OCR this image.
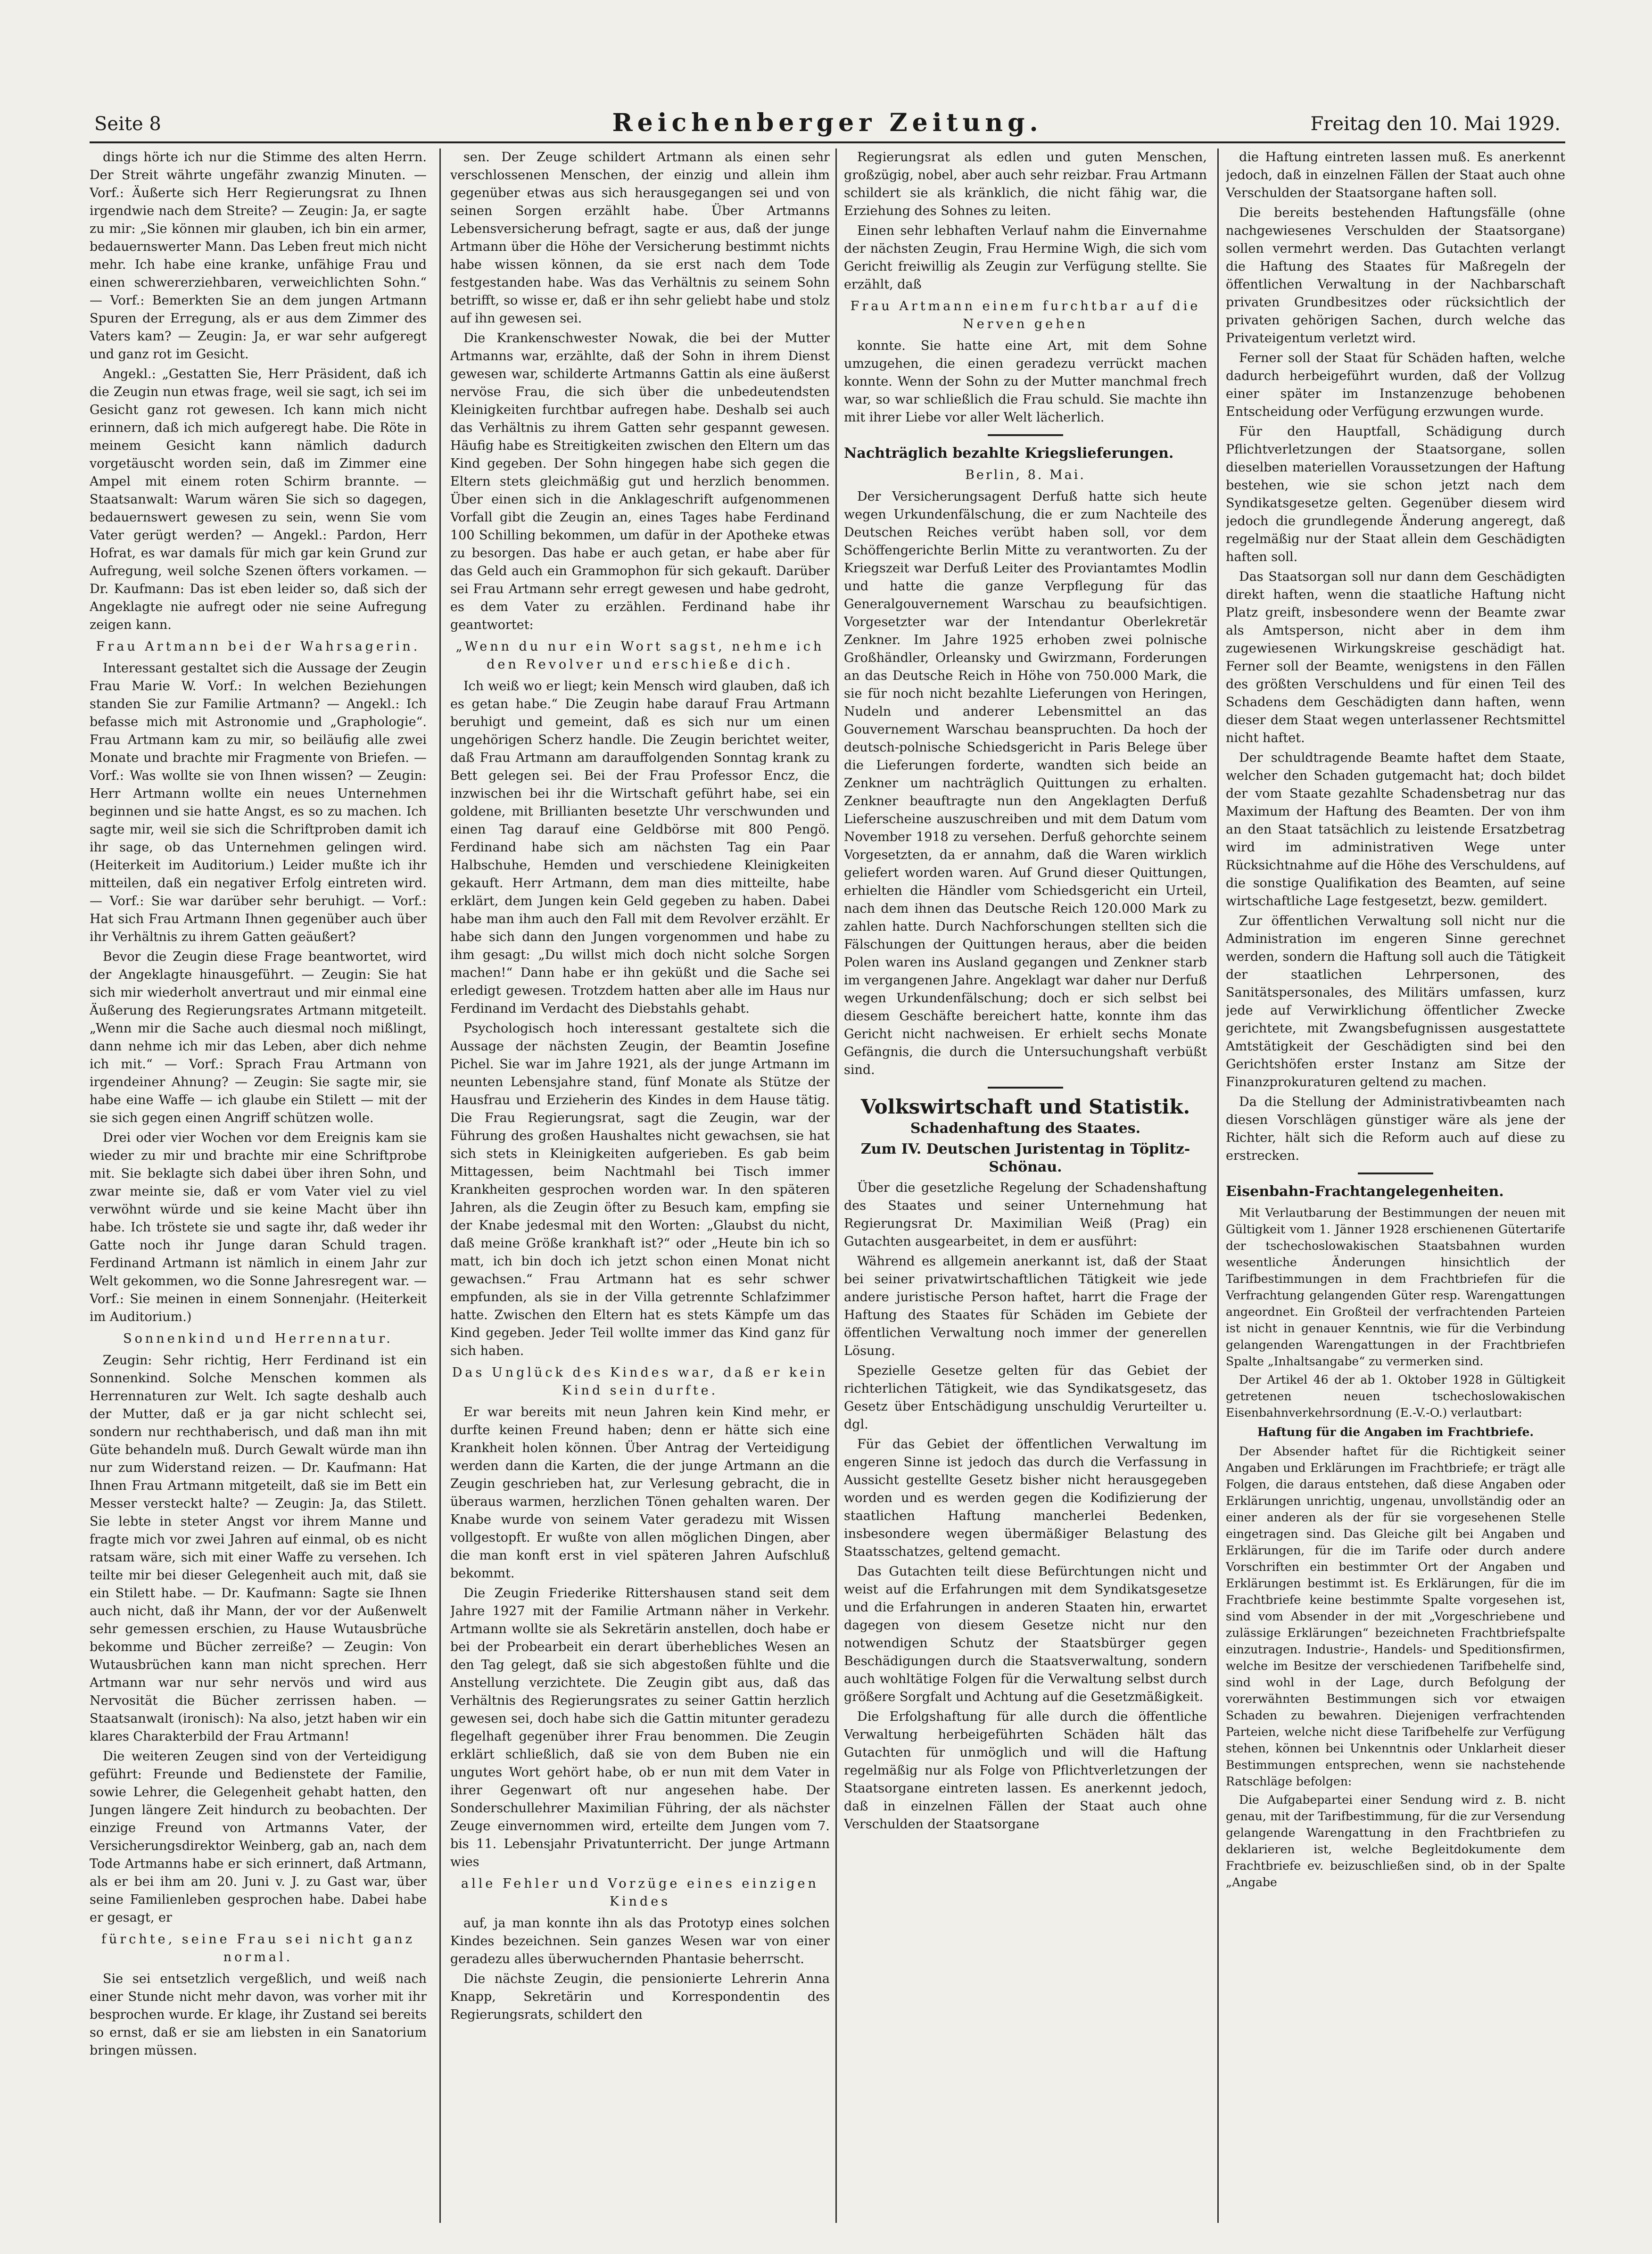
Seite 8	Reichenberger Zeitung.	Freitag den 10. Mai 1929.

dings hörte ich nur die Stimme des alten Herrn. Der Streit währte ungefähr zwanzig Minuten. — Vorf.: Äußerte sich Herr Regierungsrat zu Ihnen irgendwie nach dem Streite? — Zeugin: Ja, er sagte zu mir: „Sie können mir glauben, ich bin ein armer, bedauernswerter Mann. Das Leben freut mich nicht mehr. Ich habe eine kranke, unfähige Frau und einen schwererziehbaren, verweichlichten Sohn.“ — Vorf.: Bemerkten Sie an dem jungen Artmann Spuren der Erregung, als er aus dem Zimmer des Vaters kam? — Zeugin: Ja, er war sehr aufgeregt und ganz rot im Gesicht.

Angekl.: „Gestatten Sie, Herr Präsident, daß ich die Zeugin nun etwas frage, weil sie sagt, ich sei im Gesicht ganz rot gewesen. Ich kann mich nicht erinnern, daß ich mich aufgeregt habe. Die Röte in meinem Gesicht kann nämlich dadurch vorgetäuscht worden sein, daß im Zimmer eine Ampel mit einem roten Schirm brannte. — Staatsanwalt: Warum wären Sie sich so dagegen, bedauernswert gewesen zu sein, wenn Sie vom Vater gerügt werden? — Angekl.: Pardon, Herr Hofrat, es war damals für mich gar kein Grund zur Aufregung, weil solche Szenen öfters vorkamen. — Dr. Kaufmann: Das ist eben leider so, daß sich der Angeklagte nie aufregt oder nie seine Aufregung zeigen kann.

Frau Artmann bei der Wahrsagerin.

Interessant gestaltet sich die Aussage der Zeugin Frau Marie W. Vorf.: In welchen Beziehungen standen Sie zur Familie Artmann? — Angekl.: Ich befasse mich mit Astronomie und „Graphologie“. Frau Artmann kam zu mir, so beiläufig alle zwei Monate und brachte mir Fragmente von Briefen. — Vorf.: Was wollte sie von Ihnen wissen? — Zeugin: Herr Artmann wollte ein neues Unternehmen beginnen und sie hatte Angst, es so zu machen. Ich sagte mir, weil sie sich die Schriftproben damit ich ihr sage, ob das Unternehmen gelingen wird. (Heiterkeit im Auditorium.) Leider mußte ich ihr mitteilen, daß ein negativer Erfolg eintreten wird. — Vorf.: Sie war darüber sehr beruhigt. — Vorf.: Hat sich Frau Artmann Ihnen gegenüber auch über ihr Verhältnis zu ihrem Gatten geäußert?

Bevor die Zeugin diese Frage beantwortet, wird der Angeklagte hinausgeführt. — Zeugin: Sie hat sich mir wiederholt anvertraut und mir einmal eine Äußerung des Regierungsrates Artmann mitgeteilt. „Wenn mir die Sache auch diesmal noch mißlingt, dann nehme ich mir das Leben, aber dich nehme ich mit.“ — Vorf.: Sprach Frau Artmann von irgendeiner Ahnung? — Zeugin: Sie sagte mir, sie habe eine Waffe — ich glaube ein Stilett — mit der sie sich gegen einen Angriff schützen wolle.

Drei oder vier Wochen vor dem Ereignis kam sie wieder zu mir und brachte mir eine Schriftprobe mit. Sie beklagte sich dabei über ihren Sohn, und zwar meinte sie, daß er vom Vater viel zu viel verwöhnt würde und sie keine Macht über ihn habe. Ich tröstete sie und sagte ihr, daß weder ihr Gatte noch ihr Junge daran Schuld tragen. Ferdinand Artmann ist nämlich in einem Jahr zur Welt gekommen, wo die Sonne Jahresregent war. — Vorf.: Sie meinen in einem Sonnenjahr. (Heiterkeit im Auditorium.)

Sonnenkind und Herrennatur.

Zeugin: Sehr richtig, Herr Ferdinand ist ein Sonnenkind. Solche Menschen kommen als Herrennaturen zur Welt. Ich sagte deshalb auch der Mutter, daß er ja gar nicht schlecht sei, sondern nur rechthaberisch, und daß man ihn mit Güte behandeln muß. Durch Gewalt würde man ihn nur zum Widerstand reizen. — Dr. Kaufmann: Hat Ihnen Frau Artmann mitgeteilt, daß sie im Bett ein Messer versteckt halte? — Zeugin: Ja, das Stilett. Sie lebte in steter Angst vor ihrem Manne und fragte mich vor zwei Jahren auf einmal, ob es nicht ratsam wäre, sich mit einer Waffe zu versehen. Ich teilte mir bei dieser Gelegenheit auch mit, daß sie ein Stilett habe. — Dr. Kaufmann: Sagte sie Ihnen auch nicht, daß ihr Mann, der vor der Außenwelt sehr gemessen erschien, zu Hause Wutausbrüche bekomme und Bücher zerreiße? — Zeugin: Von Wutausbrüchen kann man nicht sprechen. Herr Artmann war nur sehr nervös und wird aus Nervosität die Bücher zerrissen haben. — Staatsanwalt (ironisch): Na also, jetzt haben wir ein klares Charakterbild der Frau Artmann!

Die weiteren Zeugen sind von der Verteidigung geführt: Freunde und Bedienstete der Familie, sowie Lehrer, die Gelegenheit gehabt hatten, den Jungen längere Zeit hindurch zu beobachten. Der einzige Freund von Artmanns Vater, der Versicherungsdirektor Weinberg, gab an, nach dem Tode Artmanns habe er sich erinnert, daß Artmann, als er bei ihm am 20. Juni v. J. zu Gast war, über seine Familienleben gesprochen habe. Dabei habe er gesagt, er

fürchte, seine Frau sei nicht ganz normal.

Sie sei entsetzlich vergeßlich, und weiß nach einer Stunde nicht mehr davon, was vorher mit ihr besprochen wurde. Er klage, ihr Zustand sei bereits so ernst, daß er sie am liebsten in ein Sanatorium bringen müssen.

sen. Der Zeuge schildert Artmann als einen sehr verschlossenen Menschen, der einzig und allein ihm gegenüber etwas aus sich herausgegangen sei und von seinen Sorgen erzählt habe. Über Artmanns Lebensversicherung befragt, sagte er aus, daß der junge Artmann über die Höhe der Versicherung bestimmt nichts habe wissen können, da sie erst nach dem Tode festgestanden habe. Was das Verhältnis zu seinem Sohn betrifft, so wisse er, daß er ihn sehr geliebt habe und stolz auf ihn gewesen sei.

Die Krankenschwester Nowak, die bei der Mutter Artmanns war, erzählte, daß der Sohn in ihrem Dienst gewesen war, schilderte Artmanns Gattin als eine äußerst nervöse Frau, die sich über die unbedeutendsten Kleinigkeiten furchtbar aufregen habe. Deshalb sei auch das Verhältnis zu ihrem Gatten sehr gespannt gewesen. Häufig habe es Streitigkeiten zwischen den Eltern um das Kind gegeben. Der Sohn hingegen habe sich gegen die Eltern stets gleichmäßig gut und herzlich benommen. Über einen sich in die Anklageschrift aufgenommenen Vorfall gibt die Zeugin an, eines Tages habe Ferdinand 100 Schilling bekommen, um dafür in der Apotheke etwas zu besorgen. Das habe er auch getan, er habe aber für das Geld auch ein Grammophon für sich gekauft. Darüber sei Frau Artmann sehr erregt gewesen und habe gedroht, es dem Vater zu erzählen. Ferdinand habe ihr geantwortet:

„Wenn du nur ein Wort sagst, nehme ich den Revolver und erschieße dich.

Ich weiß wo er liegt; kein Mensch wird glauben, daß ich es getan habe.“ Die Zeugin habe darauf Frau Artmann beruhigt und gemeint, daß es sich nur um einen ungehörigen Scherz handle. Die Zeugin berichtet weiter, daß Frau Artmann am darauffolgenden Sonntag krank zu Bett gelegen sei. Bei der Frau Professor Encz, die inzwischen bei ihr die Wirtschaft geführt habe, sei ein goldene, mit Brillianten besetzte Uhr verschwunden und einen Tag darauf eine Geldbörse mit 800 Pengö. Ferdinand habe sich am nächsten Tag ein Paar Halbschuhe, Hemden und verschiedene Kleinigkeiten gekauft. Herr Artmann, dem man dies mitteilte, habe erklärt, dem Jungen kein Geld gegeben zu haben. Dabei habe man ihm auch den Fall mit dem Revolver erzählt. Er habe sich dann den Jungen vorgenommen und habe zu ihm gesagt: „Du willst mich doch nicht solche Sorgen machen!“ Dann habe er ihn geküßt und die Sache sei erledigt gewesen. Trotzdem hatten aber alle im Haus nur Ferdinand im Verdacht des Diebstahls gehabt.

Psychologisch hoch interessant gestaltete sich die Aussage der nächsten Zeugin, der Beamtin Josefine Pichel. Sie war im Jahre 1921, als der junge Artmann im neunten Lebensjahre stand, fünf Monate als Stütze der Hausfrau und Erzieherin des Kindes in dem Hause tätig. Die Frau Regierungsrat, sagt die Zeugin, war der Führung des großen Haushaltes nicht gewachsen, sie hat sich stets in Kleinigkeiten aufgerieben. Es gab beim Mittagessen, beim Nachtmahl bei Tisch immer Krankheiten gesprochen worden war. In den späteren Jahren, als die Zeugin öfter zu Besuch kam, empfing sie der Knabe jedesmal mit den Worten: „Glaubst du nicht, daß meine Größe krankhaft ist?“ oder „Heute bin ich so matt, ich bin doch ich jetzt schon einen Monat nicht gewachsen.“ Frau Artmann hat es sehr schwer empfunden, als sie in der Villa getrennte Schlafzimmer hatte. Zwischen den Eltern hat es stets Kämpfe um das Kind gegeben. Jeder Teil wollte immer das Kind ganz für sich haben.

Das Unglück des Kindes war, daß er kein Kind sein durfte.

Er war bereits mit neun Jahren kein Kind mehr, er durfte keinen Freund haben; denn er hätte sich eine Krankheit holen können. Über Antrag der Verteidigung werden dann die Karten, die der junge Artmann an die Zeugin geschrieben hat, zur Verlesung gebracht, die in überaus warmen, herzlichen Tönen gehalten waren. Der Knabe wurde von seinem Vater geradezu mit Wissen vollgestopft. Er wußte von allen möglichen Dingen, aber die man konft erst in viel späteren Jahren Aufschluß bekommt.

Die Zeugin Friederike Rittershausen stand seit dem Jahre 1927 mit der Familie Artmann näher in Verkehr. Artmann wollte sie als Sekretärin anstellen, doch habe er bei der Probearbeit ein derart überhebliches Wesen an den Tag gelegt, daß sie sich abgestoßen fühlte und die Anstellung verzichtete. Die Zeugin gibt aus, daß das Verhältnis des Regierungsrates zu seiner Gattin herzlich gewesen sei, doch habe sich die Gattin mitunter geradezu flegelhaft gegenüber ihrer Frau benommen. Die Zeugin erklärt schließlich, daß sie von dem Buben nie ein ungutes Wort gehört habe, ob er nun mit dem Vater in ihrer Gegenwart oft nur angesehen habe. Der Sonderschullehrer Maximilian Führing, der als nächster Zeuge einvernommen wird, erteilte dem Jungen vom 7. bis 11. Lebensjahr Privatunterricht. Der junge Artmann wies

alle Fehler und Vorzüge eines einzigen Kindes

auf, ja man konnte ihn als das Prototyp eines solchen Kindes bezeichnen. Sein ganzes Wesen war von einer geradezu alles überwuchernden Phantasie beherrscht.

Die nächste Zeugin, die pensionierte Lehrerin Anna Knapp, Sekretärin und Korrespondentin des Regierungsrats, schildert den

Regierungsrat als edlen und guten Menschen, großzügig, nobel, aber auch sehr reizbar. Frau Artmann schildert sie als kränklich, die nicht fähig war, die Erziehung des Sohnes zu leiten.

Einen sehr lebhaften Verlauf nahm die Einvernahme der nächsten Zeugin, Frau Hermine Wigh, die sich vom Gericht freiwillig als Zeugin zur Verfügung stellte. Sie erzählt, daß

Frau Artmann einem furchtbar auf die Nerven gehen

konnte. Sie hatte eine Art, mit dem Sohne umzugehen, die einen geradezu verrückt machen konnte. Wenn der Sohn zu der Mutter manchmal frech war, so war schließlich die Frau schuld. Sie machte ihn mit ihrer Liebe vor aller Welt lächerlich.

Nachträglich bezahlte Kriegslieferungen.

Berlin, 8. Mai.

Der Versicherungsagent Derfuß hatte sich heute wegen Urkundenfälschung, die er zum Nachteile des Deutschen Reiches verübt haben soll, vor dem Schöffengerichte Berlin Mitte zu verantworten. Zu der Kriegszeit war Derfuß Leiter des Proviantamtes Modlin und hatte die ganze Verpflegung für das Generalgouvernement Warschau zu beaufsichtigen. Vorgesetzter war der Intendantur Oberlekretär Zenkner. Im Jahre 1925 erhoben zwei polnische Großhändler, Orleansky und Gwirzmann, Forderungen an das Deutsche Reich in Höhe von 750.000 Mark, die sie für noch nicht bezahlte Lieferungen von Heringen, Nudeln und anderer Lebensmittel an das Gouvernement Warschau beanspruchten. Da hoch der deutsch-polnische Schiedsgericht in Paris Belege über die Lieferungen forderte, wandten sich beide an Zenkner um nachträglich Quittungen zu erhalten. Zenkner beauftragte nun den Angeklagten Derfuß Lieferscheine auszuschreiben und mit dem Datum vom November 1918 zu versehen. Derfuß gehorchte seinem Vorgesetzten, da er annahm, daß die Waren wirklich geliefert worden waren. Auf Grund dieser Quittungen, erhielten die Händler vom Schiedsgericht ein Urteil, nach dem ihnen das Deutsche Reich 120.000 Mark zu zahlen hatte. Durch Nachforschungen stellten sich die Fälschungen der Quittungen heraus, aber die beiden Polen waren ins Ausland gegangen und Zenkner starb im vergangenen Jahre. Angeklagt war daher nur Derfuß wegen Urkundenfälschung; doch er sich selbst bei diesem Geschäfte bereichert hatte, konnte ihm das Gericht nicht nachweisen. Er erhielt sechs Monate Gefängnis, die durch die Untersuchungshaft verbüßt sind.

Volkswirtschaft und Statistik.

Schadenhaftung des Staates.

Zum IV. Deutschen Juristentag in Töplitz-Schönau.

Über die gesetzliche Regelung der Schadenshaftung des Staates und seiner Unternehmung hat Regierungsrat Dr. Maximilian Weiß (Prag) ein Gutachten ausgearbeitet, in dem er ausführt:

Während es allgemein anerkannt ist, daß der Staat bei seiner privatwirtschaftlichen Tätigkeit wie jede andere juristische Person haftet, harrt die Frage der Haftung des Staates für Schäden im Gebiete der öffentlichen Verwaltung noch immer der generellen Lösung.

Spezielle Gesetze gelten für das Gebiet der richterlichen Tätigkeit, wie das Syndikatsgesetz, das Gesetz über Entschädigung unschuldig Verurteilter u. dgl.

Für das Gebiet der öffentlichen Verwaltung im engeren Sinne ist jedoch das durch die Verfassung in Aussicht gestellte Gesetz bisher nicht herausgegeben worden und es werden gegen die Kodifizierung der staatlichen Haftung mancherlei Bedenken, insbesondere wegen übermäßiger Belastung des Staatsschatzes, geltend gemacht.

Das Gutachten teilt diese Befürchtungen nicht und weist auf die Erfahrungen mit dem Syndikatsgesetze und die Erfahrungen in anderen Staaten hin, erwartet dagegen von diesem Gesetze nicht nur den notwendigen Schutz der Staatsbürger gegen Beschädigungen durch die Staatsverwaltung, sondern auch wohltätige Folgen für die Verwaltung selbst durch größere Sorgfalt und Achtung auf die Gesetzmäßigkeit.

Die Erfolgshaftung für alle durch die öffentliche Verwaltung herbeigeführten Schäden hält das Gutachten für unmöglich und will die Haftung regelmäßig nur als Folge von Pflichtverletzungen der Staatsorgane eintreten lassen. Es anerkennt jedoch, daß in einzelnen Fällen der Staat auch ohne Verschulden der Staatsorgane

die Haftung eintreten lassen muß. Es anerkennt jedoch, daß in einzelnen Fällen der Staat auch ohne Verschulden der Staatsorgane haften soll.

Die bereits bestehenden Haftungsfälle (ohne nachgewiesenes Verschulden der Staatsorgane) sollen vermehrt werden. Das Gutachten verlangt die Haftung des Staates für Maßregeln der öffentlichen Verwaltung in der Nachbarschaft privaten Grundbesitzes oder rücksichtlich der privaten gehörigen Sachen, durch welche das Privateigentum verletzt wird.

Ferner soll der Staat für Schäden haften, welche dadurch herbeigeführt wurden, daß der Vollzug einer später im Instanzenzuge behobenen Entscheidung oder Verfügung erzwungen wurde.

Für den Hauptfall, Schädigung durch Pflichtverletzungen der Staatsorgane, sollen dieselben materiellen Voraussetzungen der Haftung bestehen, wie sie schon jetzt nach dem Syndikatsgesetze gelten. Gegenüber diesem wird jedoch die grundlegende Änderung angeregt, daß regelmäßig nur der Staat allein dem Geschädigten haften soll.

Das Staatsorgan soll nur dann dem Geschädigten direkt haften, wenn die staatliche Haftung nicht Platz greift, insbesondere wenn der Beamte zwar als Amtsperson, nicht aber in dem ihm zugewiesenen Wirkungskreise geschädigt hat. Ferner soll der Beamte, wenigstens in den Fällen des größten Verschuldens und für einen Teil des Schadens dem Geschädigten dann haften, wenn dieser dem Staat wegen unterlassener Rechtsmittel nicht haftet.

Der schuldtragende Beamte haftet dem Staate, welcher den Schaden gutgemacht hat; doch bildet der vom Staate gezahlte Schadensbetrag nur das Maximum der Haftung des Beamten. Der von ihm an den Staat tatsächlich zu leistende Ersatzbetrag wird im administrativen Wege unter Rücksichtnahme auf die Höhe des Verschuldens, auf die sonstige Qualifikation des Beamten, auf seine wirtschaftliche Lage festgesetzt, bezw. gemildert.

Zur öffentlichen Verwaltung soll nicht nur die Administration im engeren Sinne gerechnet werden, sondern die Haftung soll auch die Tätigkeit der staatlichen Lehrpersonen, des Sanitätspersonales, des Militärs umfassen, kurz jede auf Verwirklichung öffentlicher Zwecke gerichtete, mit Zwangsbefugnissen ausgestattete Amtstätigkeit der Geschädigten sind bei den Gerichtshöfen erster Instanz am Sitze der Finanzprokuraturen geltend zu machen.

Da die Stellung der Administrativbeamten nach diesen Vorschlägen günstiger wäre als jene der Richter, hält sich die Reform auch auf diese zu erstrecken.

Eisenbahn-Frachtangelegenheiten.

Mit Verlautbarung der Bestimmungen der neuen mit Gültigkeit vom 1. Jänner 1928 erschienenen Gütertarife der tschechoslowakischen Staatsbahnen wurden wesentliche Änderungen hinsichtlich der Tarifbestimmungen in dem Frachtbriefen für die Verfrachtung gelangenden Güter resp. Warengattungen angeordnet. Ein Großteil der verfrachtenden Parteien ist nicht in genauer Kenntnis, wie für die Verbindung gelangenden Warengattungen in der Frachtbriefen Spalte „Inhaltsangabe“ zu vermerken sind.

Der Artikel 46 der ab 1. Oktober 1928 in Gültigkeit getretenen neuen tschechoslowakischen Eisenbahnverkehrsordnung (E.-V.-O.) verlautbart:

Haftung für die Angaben im Frachtbriefe.

Der Absender haftet für die Richtigkeit seiner Angaben und Erklärungen im Frachtbriefe; er trägt alle Folgen, die daraus entstehen, daß diese Angaben oder Erklärungen unrichtig, ungenau, unvollständig oder an einer anderen als der für sie vorgesehenen Stelle eingetragen sind. Das Gleiche gilt bei Angaben und Erklärungen, für die im Tarife oder durch andere Vorschriften ein bestimmter Ort der Angaben und Erklärungen bestimmt ist. Es Erklärungen, für die im Frachtbriefe keine bestimmte Spalte vorgesehen ist, sind vom Absender in der mit „Vorgeschriebene und zulässige Erklärungen“ bezeichneten Frachtbriefspalte einzutragen. Industrie-, Handels- und Speditionsfirmen, welche im Besitze der verschiedenen Tarifbehelfe sind, sind wohl in der Lage, durch Befolgung der vorerwähnten Bestimmungen sich vor etwaigen Schaden zu bewahren. Diejenigen verfrachtenden Parteien, welche nicht diese Tarifbehelfe zur Verfügung stehen, können bei Unkenntnis oder Unklarheit dieser Bestimmungen entsprechen, wenn sie nachstehende Ratschläge befolgen:

Die Aufgabepartei einer Sendung wird z. B. nicht genau, mit der Tarifbestimmung, für die zur Versendung gelangende Warengattung in den Frachtbriefen zu deklarieren ist, welche Begleitdokumente dem Frachtbriefe ev. beizuschließen sind, ob in der Spalte „Angabe
